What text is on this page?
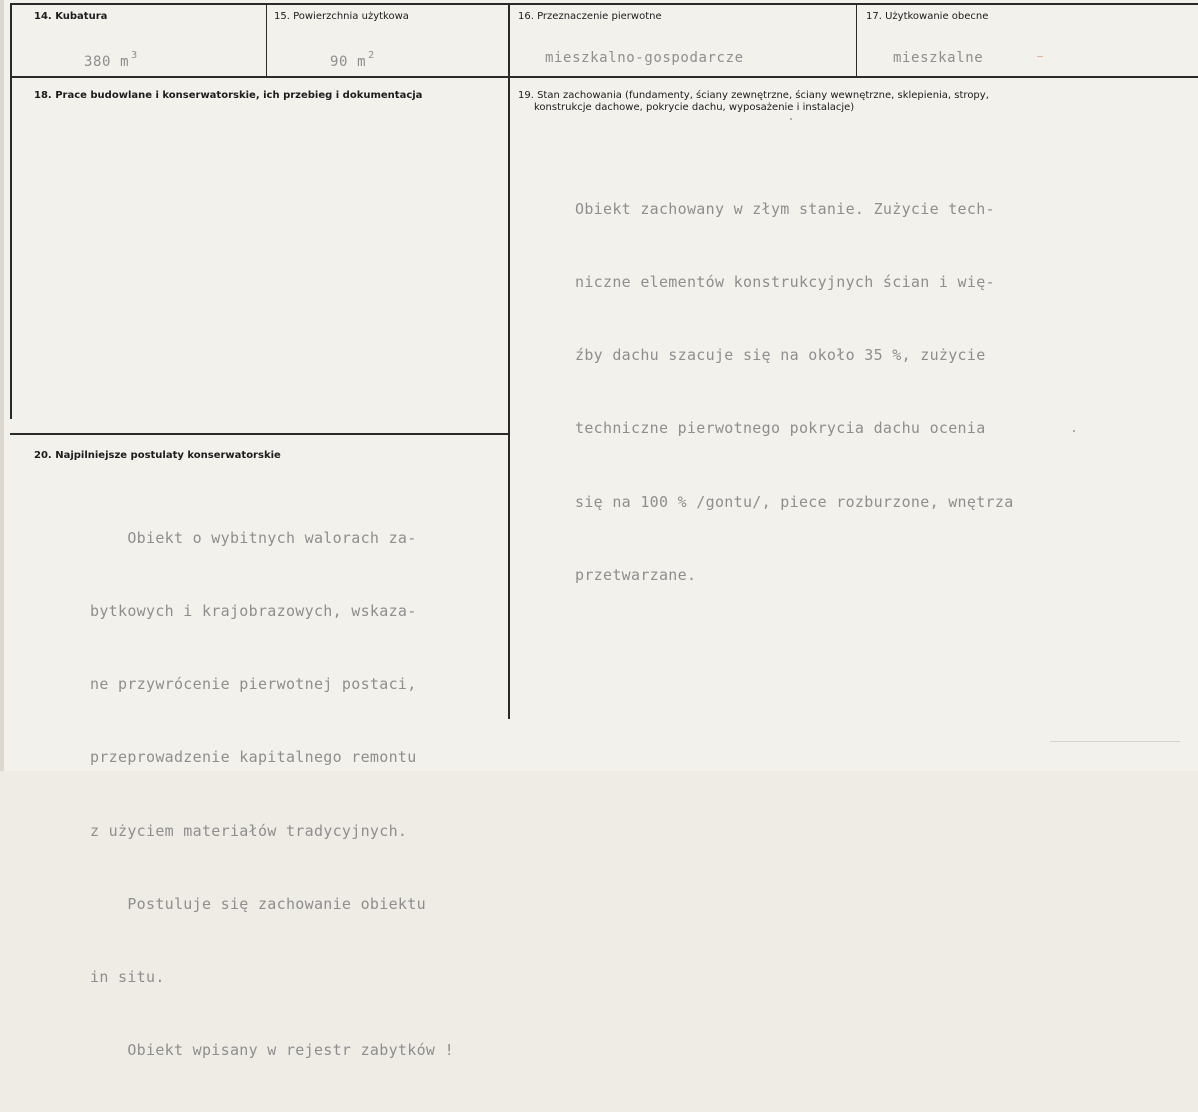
14. Kubatura
380 m $^3$
15. Powierzchnia użytkowa
90 m $^2$
16. Przeznaczenie pierwotne
mieszkalno-gospodarcze
17. Użytkowanie obecne
mieszkalne
18. Prace budowlane i konserwatorskie, ich przebieg i dokumentacja	19. Stan zachowania (fundamenty, ściany zewnętrzne, ściany wewnętrzne, sklepienia, stropy,
konstrukcje dachowe, pokrycie dachu, wyposażenie i instalacje)

Obiekt zachowany w złym stanie. Zużycie tech-

niczne elementów konstrukcyjnych ścian i wię-

źby dachu szacuje się na około 35 %, zużycie

techniczne pierwotnego pokrycia dachu ocenia

się na 100 % /gontu/, piece rozburzone, wnętrza

przetwarzane.

20. Najpilniejsze postulaty konserwatorskie

Obiekt o wybitnych walorach za-

bytkowych i krajobrazowych, wskaza-

ne przywrócenie pierwotnej postaci,

przeprowadzenie kapitalnego remontu

z użyciem materiałów tradycyjnych.

Postuluje się zachowanie obiektu

in situ.

Obiekt wpisany w rejestr zabytków !
